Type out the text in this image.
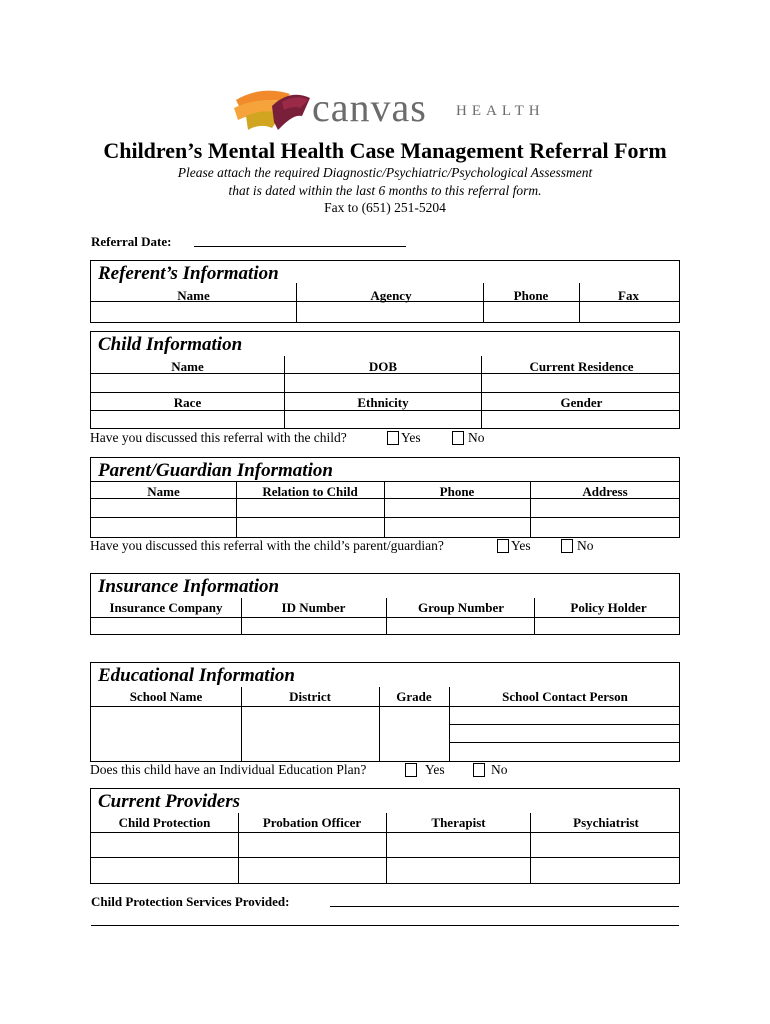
canvas HEALTH
Children’s Mental Health Case Management Referral Form
Please attach the required Diagnostic/Psychiatric/Psychological Assessment
that is dated within the last 6 months to this referral form.
Fax to (651) 251-5204
Referral Date:
Referent’s Information
Name	Agency	Phone	Fax
Child Information
Name	DOB	Current Residence
Race	Ethnicity	Gender
Have you discussed this referral with the child?	Yes	No
Parent/Guardian Information
Name	Relation to Child	Phone	Address
Have you discussed this referral with the child’s parent/guardian?	Yes	No
Insurance Information
Insurance Company	ID Number	Group Number	Policy Holder
Educational Information
School Name	District	Grade	School Contact Person
Does this child have an Individual Education Plan?	Yes	No
Current Providers
Child Protection	Probation Officer	Therapist	Psychiatrist
Child Protection Services Provided:
